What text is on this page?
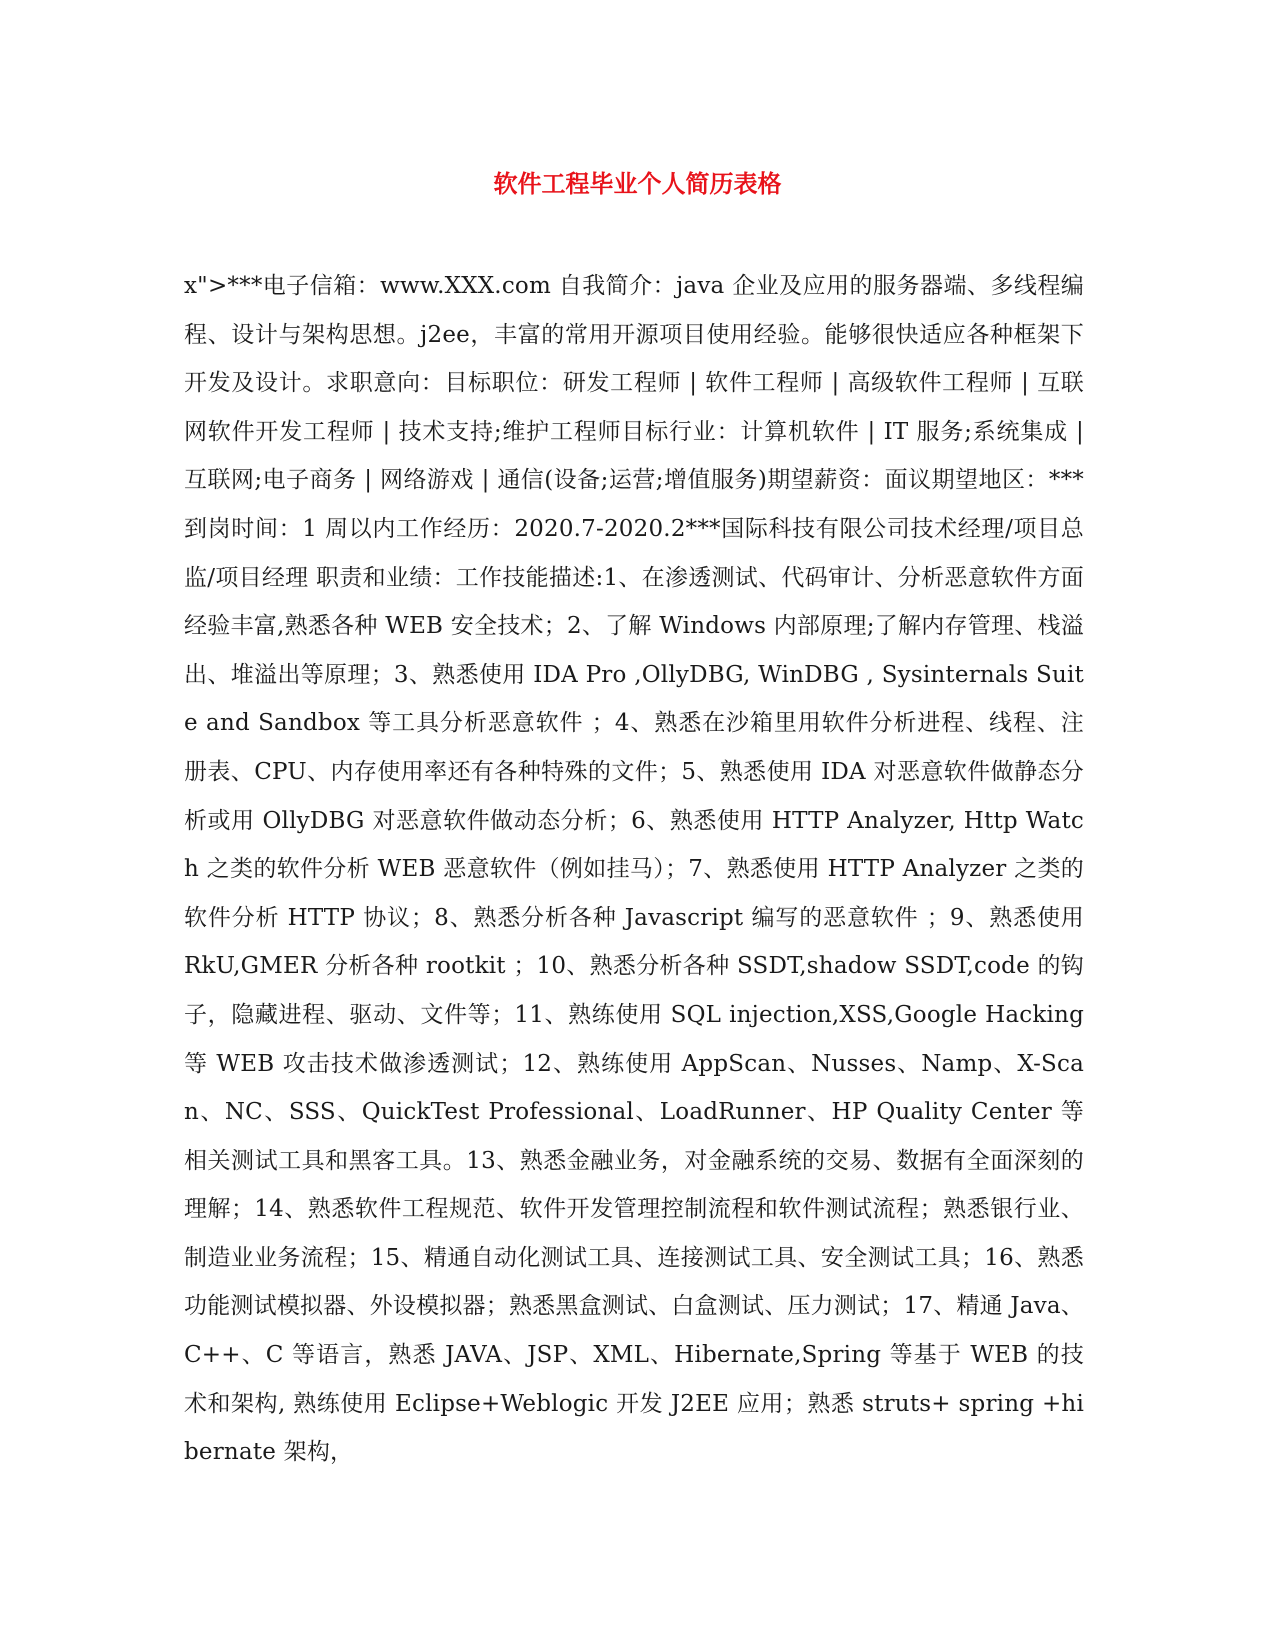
软件工程毕业个人简历表格

x">***电子信箱：www.XXX.com 自我简介：java 企业及应用的服务器端、多线程编程、设计与架构思想。j2ee，丰富的常用开源项目使用经验。能够很快适应各种框架下开发及设计。求职意向：目标职位：研发工程师 | 软件工程师 | 高级软件工程师 | 互联网软件开发工程师 | 技术支持;维护工程师目标行业：计算机软件 | IT 服务;系统集成 | 互联网;电子商务 | 网络游戏 | 通信(设备;运营;增值服务)期望薪资：面议期望地区：***到岗时间：1 周以内工作经历：2020.7-2020.2***国际科技有限公司技术经理/项目总监/项目经理 职责和业绩：工作技能描述:1、在渗透测试、代码审计、分析恶意软件方面经验丰富,熟悉各种 WEB 安全技术；2、了解 Windows 内部原理;了解内存管理、栈溢出、堆溢出等原理；3、熟悉使用 IDA Pro ,OllyDBG, WinDBG , Sysinternals Suite and Sandbox 等工具分析恶意软件 ；4、熟悉在沙箱里用软件分析进程、线程、注册表、CPU、内存使用率还有各种特殊的文件；5、熟悉使用 IDA 对恶意软件做静态分析或用 OllyDBG 对恶意软件做动态分析；6、熟悉使用 HTTP Analyzer, Http Watch 之类的软件分析 WEB 恶意软件（例如挂马）；7、熟悉使用 HTTP Analyzer 之类的软件分析 HTTP 协议；8、熟悉分析各种 Javascript 编写的恶意软件 ；9、熟悉使用 RkU,GMER 分析各种 rootkit ；10、熟悉分析各种 SSDT,shadow SSDT,code 的钩子，隐藏进程、驱动、文件等；11、熟练使用 SQL injection,XSS,Google Hacking 等 WEB 攻击技术做渗透测试；12、熟练使用 AppScan、Nusses、Namp、X-Scan、NC、SSS、QuickTest Professional、LoadRunner、HP Quality Center 等相关测试工具和黑客工具。13、熟悉金融业务，对金融系统的交易、数据有全面深刻的理解；14、熟悉软件工程规范、软件开发管理控制流程和软件测试流程；熟悉银行业、制造业业务流程；15、精通自动化测试工具、连接测试工具、安全测试工具；16、熟悉功能测试模拟器、外设模拟器；熟悉黑盒测试、白盒测试、压力测试；17、精通 Java、C++、C 等语言，熟悉 JAVA、JSP、XML、Hibernate,Spring 等基于 WEB 的技术和架构, 熟练使用 Eclipse+Weblogic 开发 J2EE 应用；熟悉 struts+ spring +hibernate 架构，
